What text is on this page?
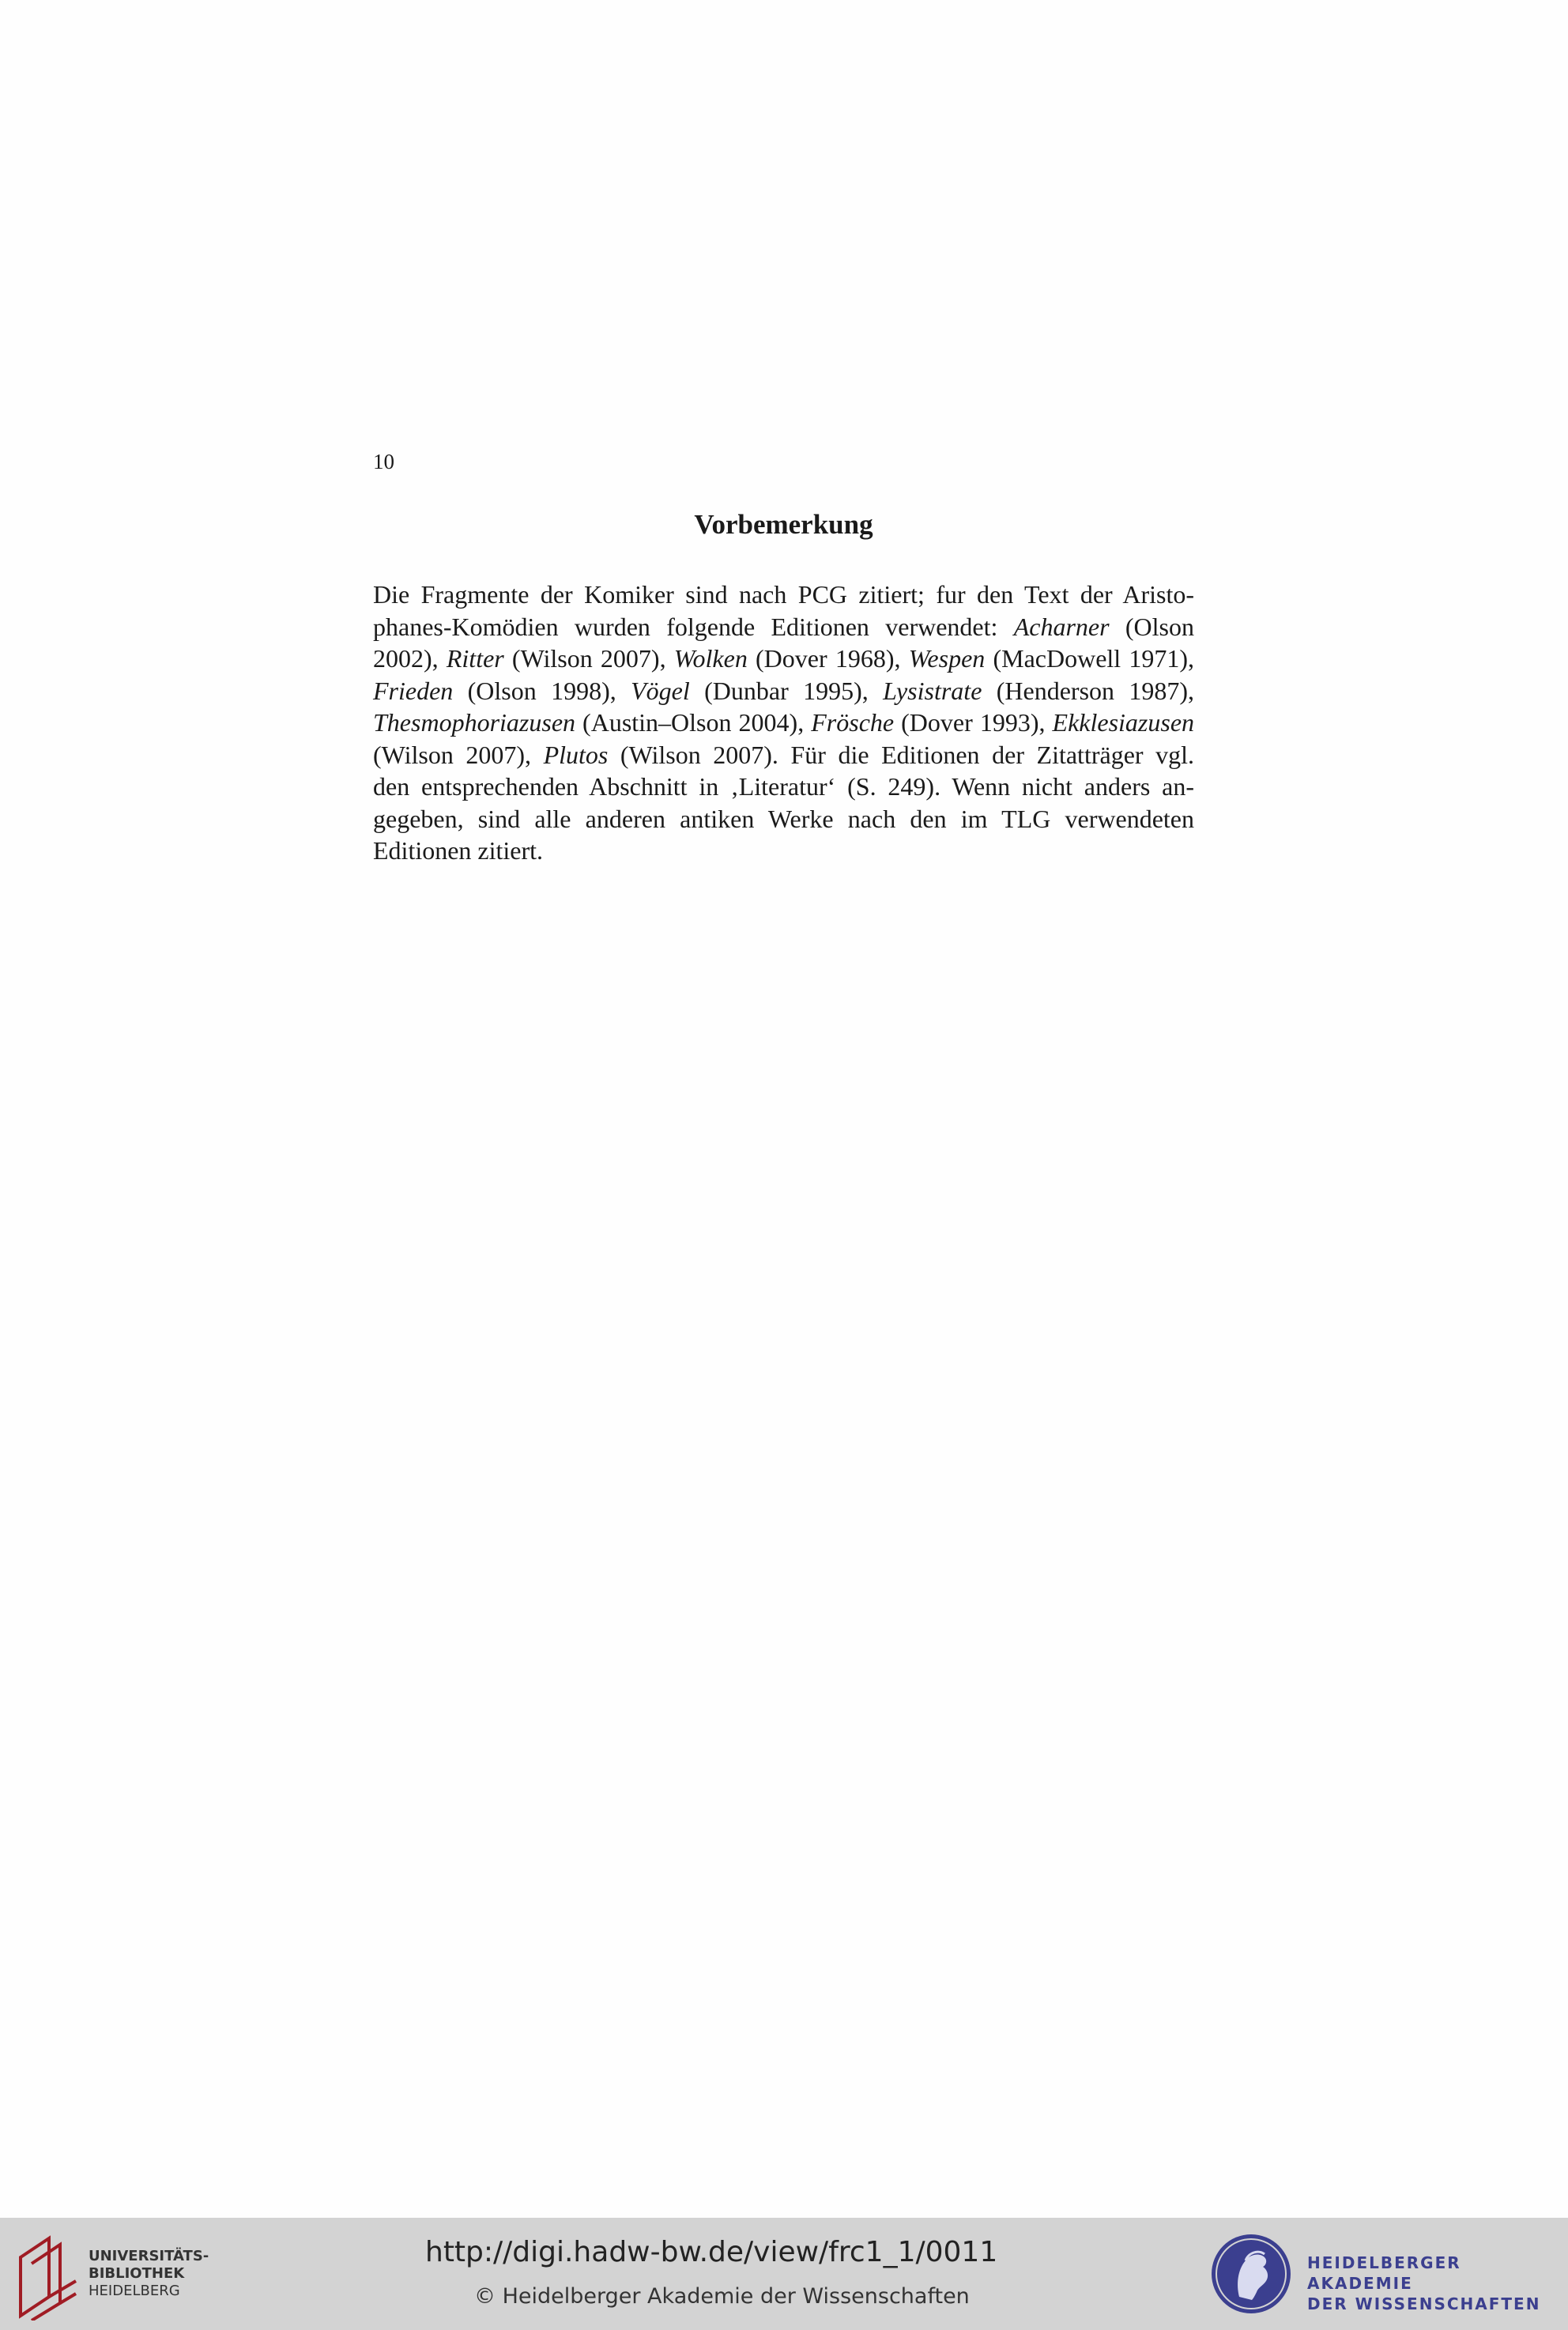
10
Vorbemerkung
Die Fragmente der Komiker sind nach PCG zitiert; fur den Text der Aristo-
phanes-Komödien wurden folgende Editionen verwendet: Acharner (Olson
2002), Ritter (Wilson 2007), Wolken (Dover 1968), Wespen (MacDowell 1971),
Frieden (Olson 1998), Vögel (Dunbar 1995), Lysistrate (Henderson 1987),
Thesmophoriazusen (Austin–Olson 2004), Frösche (Dover 1993), Ekklesiazusen
(Wilson 2007), Plutos (Wilson 2007). Für die Editionen der Zitatträger vgl.
den entsprechenden Abschnitt in ‚Literatur‘ (S. 249). Wenn nicht anders an-
gegeben, sind alle anderen antiken Werke nach den im TLG verwendeten
Editionen zitiert.
UNIVERSITÄTS-
BIBLIOTHEK
HEIDELBERG
http://digi.hadw-bw.de/view/frc1_1/0011
© Heidelberger Akademie der Wissenschaften
HEIDELBERGER AKADEMIE
DER WISSENSCHAFTEN
